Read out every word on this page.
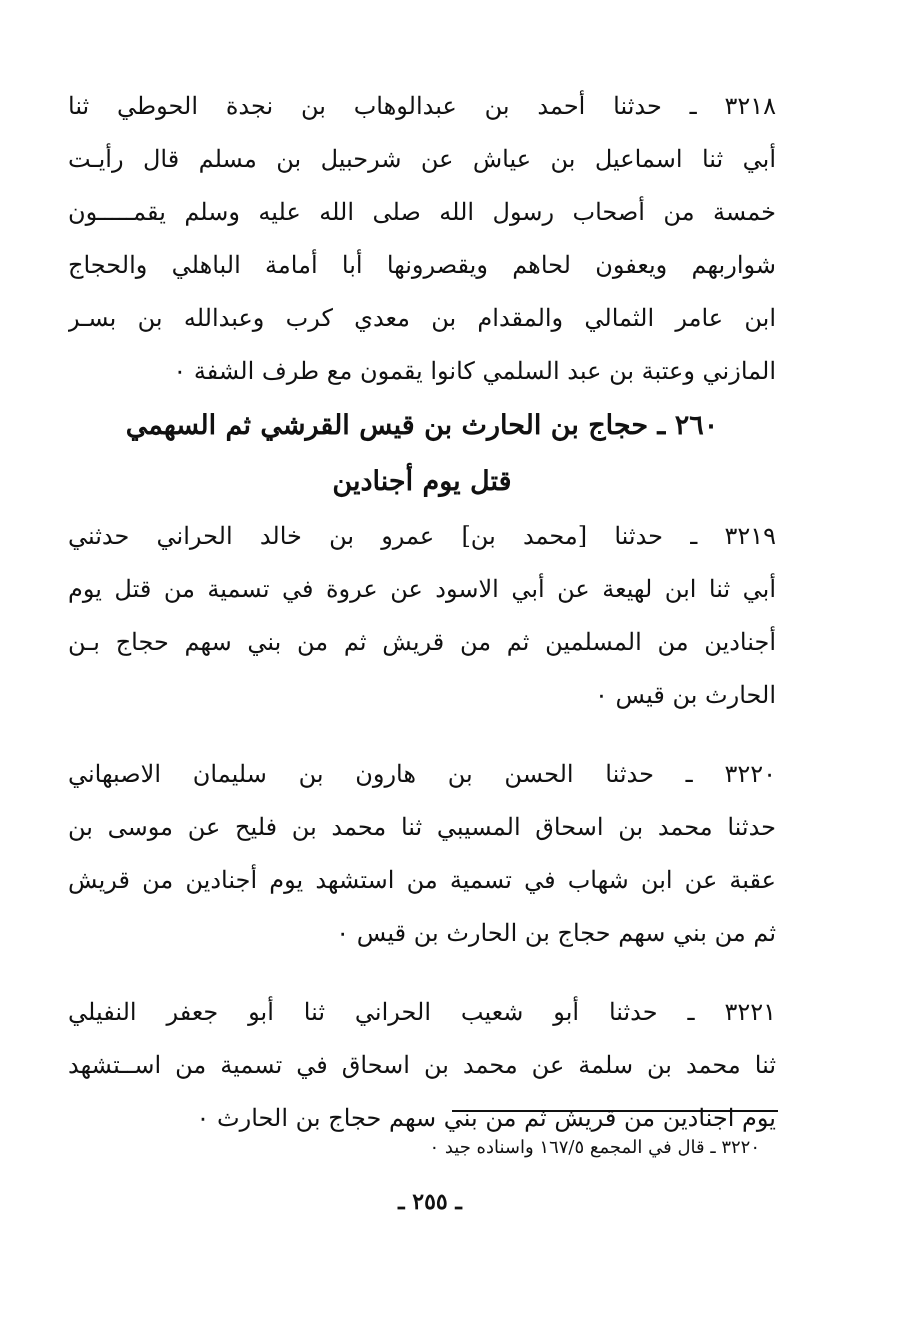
٣٢١٨ ـ حدثنا أحمد بن عبدالوهاب بن نجدة الحوطي ثنا
أبي ثنا اسماعيل بن عياش عن شرحبيل بن مسلم قال رأيـت
خمسة من أصحاب رسول الله صلى الله عليه وسلم يقمـــــون
شواربهم ويعفون لحاهم ويقصرونها أبا أمامة الباهلي والحجاج
ابن عامر الثمالي والمقدام بن معدي كرب وعبدالله بن بسـر
المازني وعتبة بن عبد السلمي كانوا يقمون مع طرف الشفة ٠
٢٦٠ ـ حجاج بن الحارث بن قيس القرشي ثم السهمي
قتل يوم أجنادين
٣٢١٩ ـ حدثنا [محمد بن] عمرو بن خالد الحراني حدثني
أبي ثنا ابن لهيعة عن أبي الاسود عن عروة في تسمية من قتل يوم
أجنادين من المسلمين ثم من قريش ثم من بني سهم حجاج بـن
الحارث بن قيس ٠
٣٢٢٠ ـ حدثنا الحسن بن هارون بن سليمان الاصبهاني
حدثنا محمد بن اسحاق المسيبي ثنا محمد بن فليح عن موسى بن
عقبة عن ابن شهاب في تسمية من استشهد يوم أجنادين من قريش
ثم من بني سهم حجاج بن الحارث بن قيس ٠
٣٢٢١ ـ حدثنا أبو شعيب الحراني ثنا أبو جعفر النفيلي
ثنا محمد بن سلمة عن محمد بن اسحاق في تسمية من اســتشهد
يوم اجنادين من قريش ثم من بني سهم حجاج بن الحارث ٠
٣٢٢٠ ـ قال في المجمع ١٦٧/٥ واسناده جيد ٠
ـ ٢٥٥ ـ
